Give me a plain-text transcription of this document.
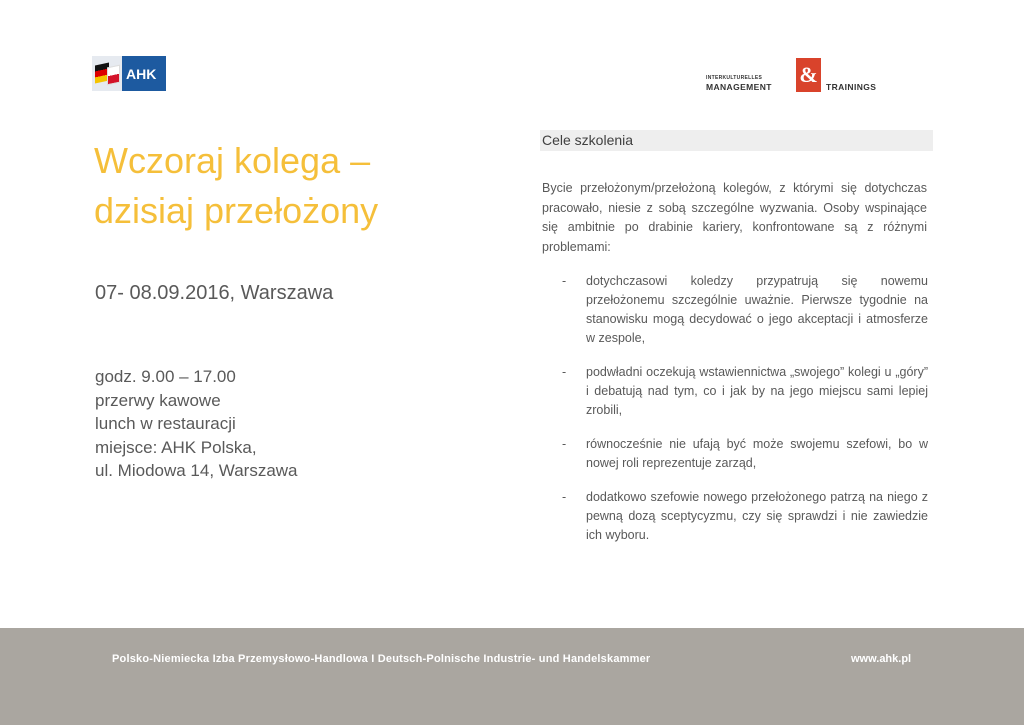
AHK	INTERKULTURELLES
MANAGEMENT & TRAININGS
Wczoraj kolega –
dzisiaj przełożony

07- 08.09.2016, Warszawa

godz. 9.00 – 17.00
przerwy kawowe
lunch w restauracji
miejsce: AHK Polska,
ul. Miodowa 14, Warszawa
Cele szkolenia

Bycie przełożonym/przełożoną kolegów, z którymi się dotychczas pracowało, niesie z sobą szczególne wyzwania. Osoby wspinające się ambitnie po drabinie kariery, konfrontowane są z różnymi problemami:

- dotychczasowi koledzy przypatrują się nowemu przełożonemu szczególnie uważnie. Pierwsze tygodnie na stanowisku mogą decydować o jego akceptacji i atmosferze w zespole,
- podwładni oczekują wstawiennictwa „swojego” kolegi u „góry” i debatują nad tym, co i jak by na jego miejscu sami lepiej zrobili,
- równocześnie nie ufają być może swojemu szefowi, bo w nowej roli reprezentuje zarząd,
- dodatkowo szefowie nowego przełożonego patrzą na niego z pewną dozą sceptycyzmu, czy się sprawdzi i nie zawiedzie ich wyboru.
Polsko-Niemiecka Izba Przemysłowo-Handlowa I Deutsch-Polnische Industrie- und Handelskammer	www.ahk.pl
